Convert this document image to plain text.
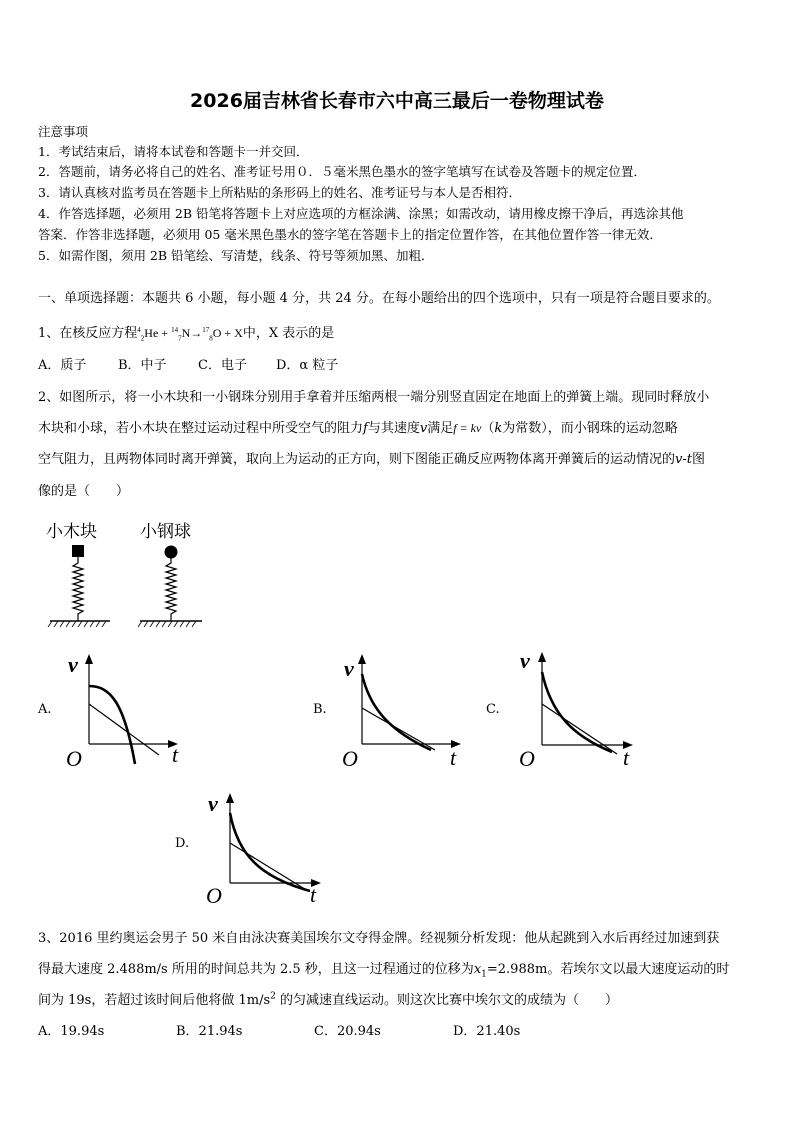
2026届吉林省长春市六中高三最后一卷物理试卷
注意事项
1．考试结束后，请将本试卷和答题卡一并交回．
2．答题前，请务必将自己的姓名、准考证号用０．５毫米黑色墨水的签字笔填写在试卷及答题卡的规定位置．
3．请认真核对监考员在答题卡上所粘贴的条形码上的姓名、准考证号与本人是否相符．
4．作答选择题，必须用 2B 铅笔将答题卡上对应选项的方框涂满、涂黑；如需改动，请用橡皮擦干净后，再选涂其他
答案．作答非选择题，必须用 05 毫米黑色墨水的签字笔在答题卡上的指定位置作答，在其他位置作答一律无效．
5．如需作图，须用 2B 铅笔绘、写清楚，线条、符号等须加黑、加粗．
一、单项选择题：本题共 6 小题，每小题 4 分，共 24 分。在每小题给出的四个选项中，只有一项是符合题目要求的。
1、在核反应方程$^4_2$He + $^{14}_7$N→$^{17}_8$O + X中，X 表示的是
A．质子 B．中子 C．电子 D．α 粒子
2、如图所示，将一小木块和一小钢珠分别用手拿着并压缩两根一端分别竖直固定在地面上的弹簧上端。现同时释放小
木块和小球，若小木块在整过运动过程中所受空气的阻力f与其速度v满足f = kv（k为常数），而小钢珠的运动忽略
空气阻力，且两物体同时离开弹簧，取向上为运动的正方向，则下图能正确反应两物体离开弹簧后的运动情况的v-t图
像的是（　　）
小木块	小钢球
A.	B.	C.
D.
v
t
O
v
t
O
v
t
O
v
t
O
3、2016 里约奥运会男子 50 米自由泳决赛美国埃尔文夺得金牌。经视频分析发现：他从起跳到入水后再经过加速到获
得最大速度 2.488m/s 所用的时间总共为 2.5 秒，且这一过程通过的位移为$x_1=2.988m$。若埃尔文以最大速度运动的时
间为 19s，若超过该时间后他将做 $1m/s^2$ 的匀减速直线运动。则这次比赛中埃尔文的成绩为（　　）
A．19.94s	B．21.94s	C．20.94s	D．21.40s
